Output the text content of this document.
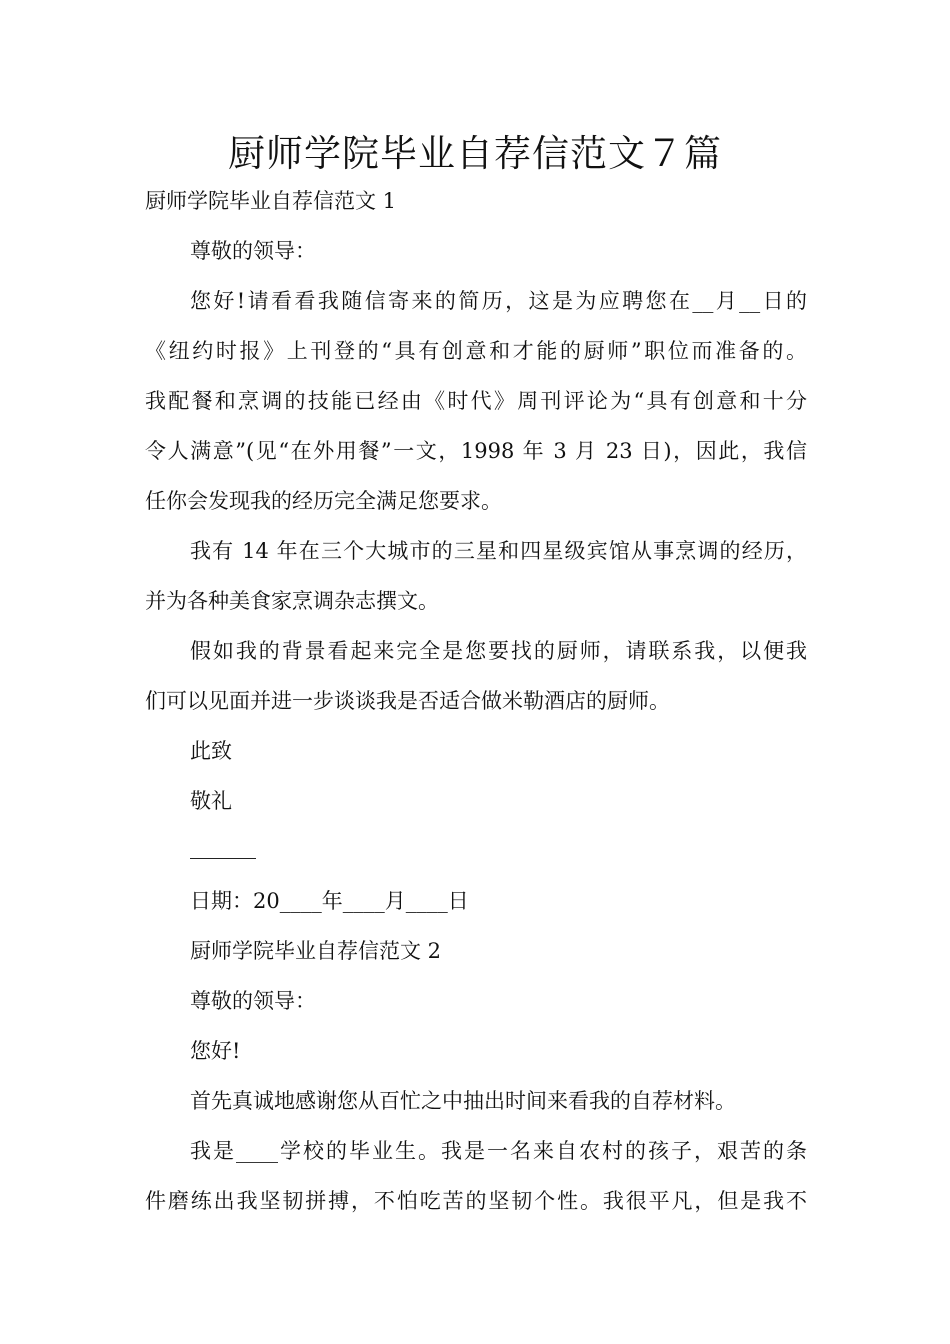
厨师学院毕业自荐信范文７篇

厨师学院毕业自荐信范文 1

尊敬的领导：

您好!请看看我随信寄来的简历，这是为应聘您在__月__日的

《纽约时报》上刊登的“具有创意和才能的厨师”职位而准备的。

我配餐和烹调的技能已经由《时代》周刊评论为“具有创意和十分

令人满意”(见“在外用餐”一文，1998 年 3 月 23 日)，因此，我信

任你会发现我的经历完全满足您要求。

我有 14 年在三个大城市的三星和四星级宾馆从事烹调的经历，

并为各种美食家烹调杂志撰文。

假如我的背景看起来完全是您要找的厨师，请联系我，以便我

们可以见面并进一步谈谈我是否适合做米勒酒店的厨师。

此致

敬礼

日期：20____年____月____日

厨师学院毕业自荐信范文 2

尊敬的领导：

您好!

首先真诚地感谢您从百忙之中抽出时间来看我的自荐材料。

我是____学校的毕业生。我是一名来自农村的孩子，艰苦的条

件磨练出我坚韧拼搏，不怕吃苦的坚韧个性。我很平凡，但是我不
